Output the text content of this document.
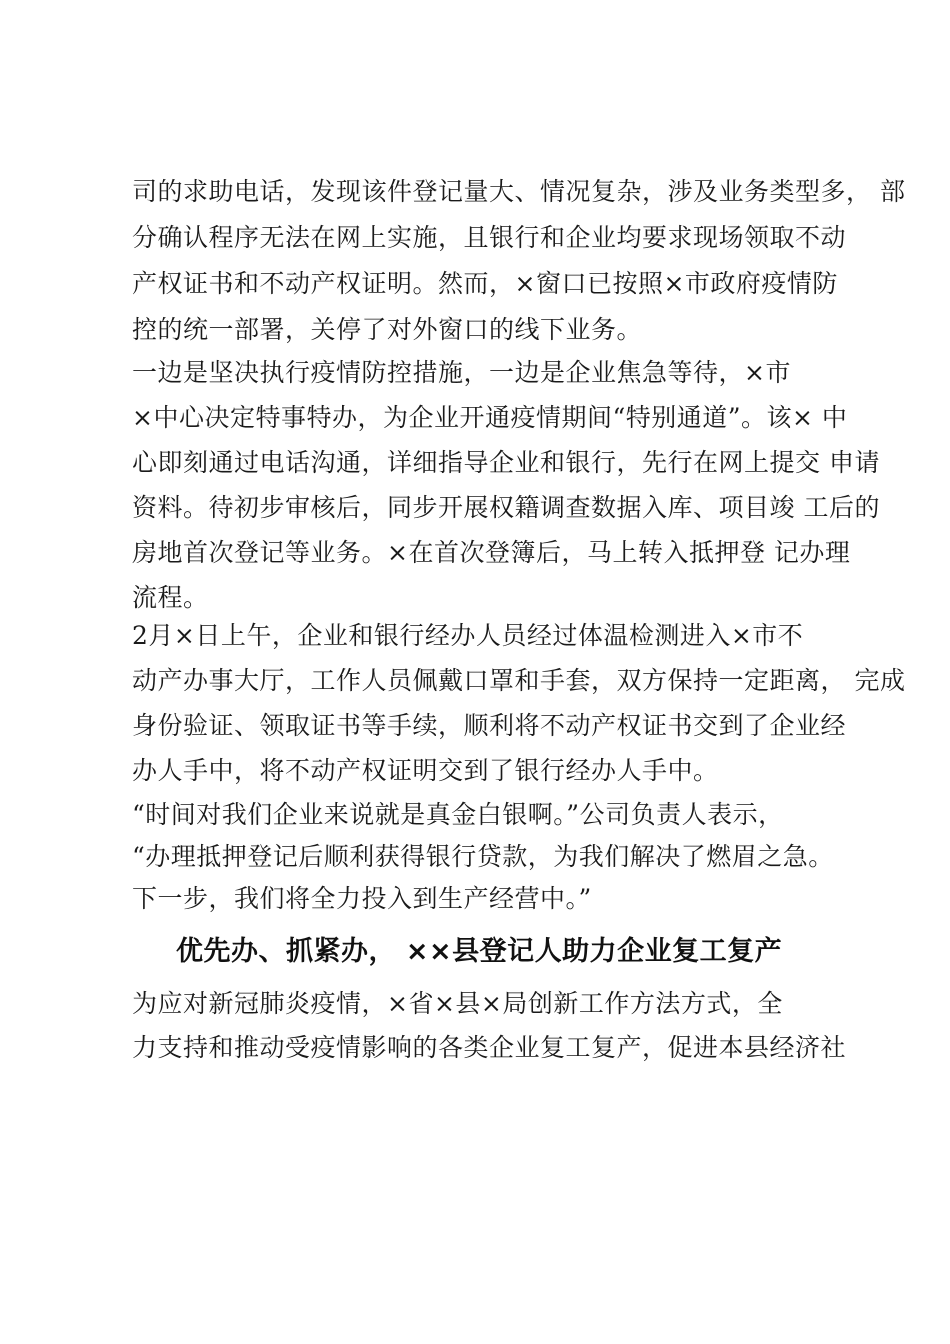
司的求助电话，发现该件登记量大、情况复杂，涉及业务类型多， 部
分确认程序无法在网上实施，且银行和企业均要求现场领取不动
产权证书和不动产权证明。然而，×窗口已按照×市政府疫情防
控的统一部署，关停了对外窗口的线下业务。
一边是坚决执行疫情防控措施，一边是企业焦急等待，×市
×中心决定特事特办，为企业开通疫情期间“特别通道”。该× 中
心即刻通过电话沟通，详细指导企业和银行，先行在网上提交 申请
资料。待初步审核后，同步开展权籍调查数据入库、项目竣 工后的
房地首次登记等业务。×在首次登簿后，马上转入抵押登 记办理
流程。
2月×日上午，企业和银行经办人员经过体温检测进入×市不
动产办事大厅，工作人员佩戴口罩和手套，双方保持一定距离， 完成
身份验证、领取证书等手续，顺利将不动产权证书交到了企业经
办人手中，将不动产权证明交到了银行经办人手中。
“时间对我们企业来说就是真金白银啊。”公司负责人表示，
“办理抵押登记后顺利获得银行贷款，为我们解决了燃眉之急。
下一步，我们将全力投入到生产经营中。”
优先办、抓紧办， ××县登记人助力企业复工复产
为应对新冠肺炎疫情，×省×县×局创新工作方法方式，全
力支持和推动受疫情影响的各类企业复工复产，促进本县经济社
